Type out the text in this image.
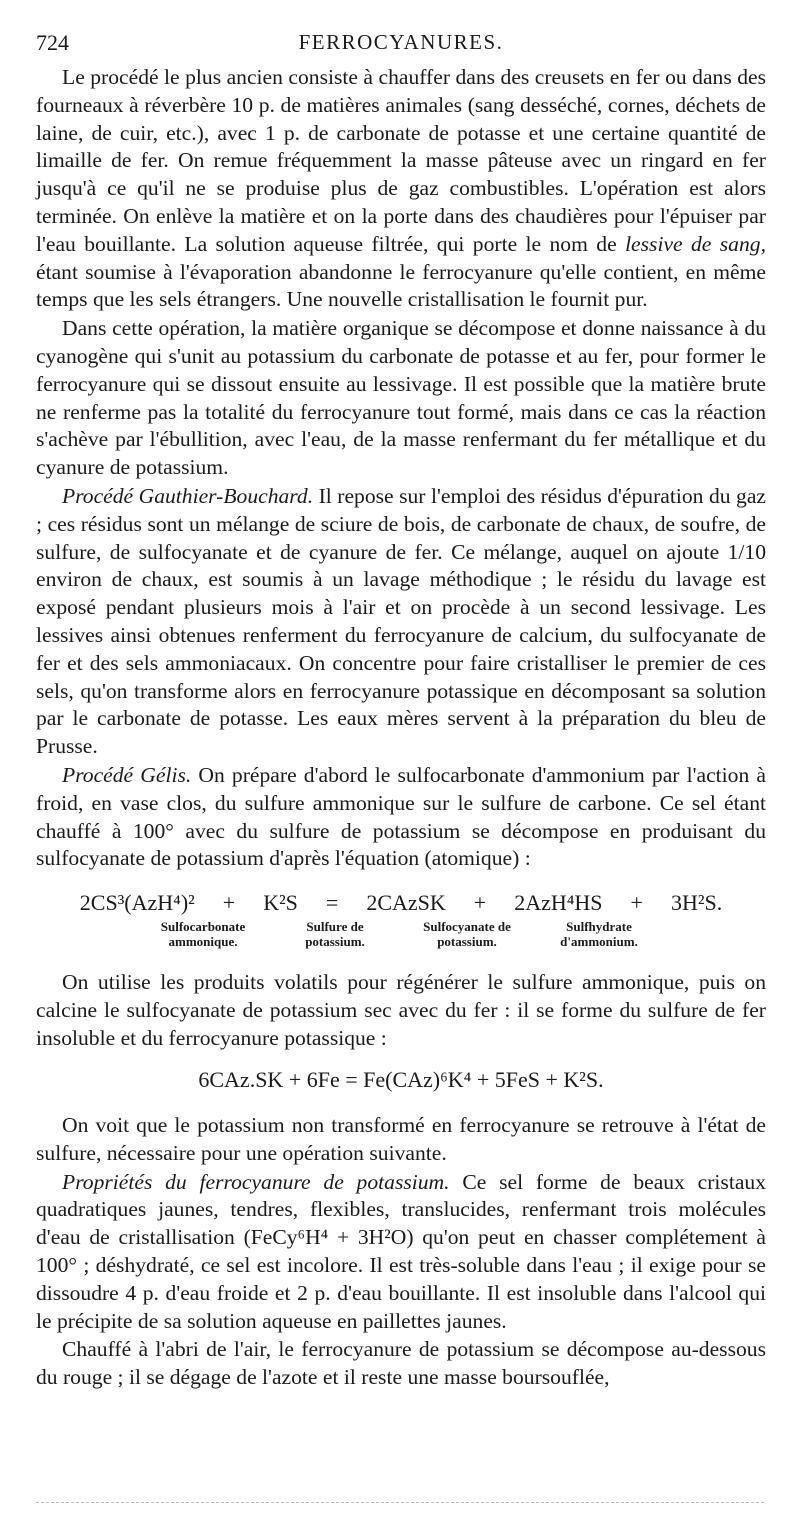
724	FERROCYANURES.

Le procédé le plus ancien consiste à chauffer dans des creusets en fer ou dans des fourneaux à réverbère 10 p. de matières animales (sang desséché, cornes, déchets de laine, de cuir, etc.), avec 1 p. de carbonate de potasse et une certaine quantité de limaille de fer. On remue fréquemment la masse pâteuse avec un ringard en fer jusqu'à ce qu'il ne se produise plus de gaz combustibles. L'opération est alors terminée. On enlève la matière et on la porte dans des chaudières pour l'épuiser par l'eau bouillante. La solution aqueuse filtrée, qui porte le nom de lessive de sang, étant soumise à l'évaporation abandonne le ferrocyanure qu'elle contient, en même temps que les sels étrangers. Une nouvelle cristallisation le fournit pur.

Dans cette opération, la matière organique se décompose et donne naissance à du cyanogène qui s'unit au potassium du carbonate de potasse et au fer, pour former le ferrocyanure qui se dissout ensuite au lessivage. Il est possible que la matière brute ne renferme pas la totalité du ferrocyanure tout formé, mais dans ce cas la réaction s'achève par l'ébullition, avec l'eau, de la masse renfermant du fer métallique et du cyanure de potassium.

Procédé Gauthier-Bouchard. Il repose sur l'emploi des résidus d'épuration du gaz ; ces résidus sont un mélange de sciure de bois, de carbonate de chaux, de soufre, de sulfure, de sulfocyanate et de cyanure de fer. Ce mélange, auquel on ajoute 1/10 environ de chaux, est soumis à un lavage méthodique ; le résidu du lavage est exposé pendant plusieurs mois à l'air et on procède à un second lessivage. Les lessives ainsi obtenues renferment du ferrocyanure de calcium, du sulfocyanate de fer et des sels ammoniacaux. On concentre pour faire cristalliser le premier de ces sels, qu'on transforme alors en ferrocyanure potassique en décomposant sa solution par le carbonate de potasse. Les eaux mères servent à la préparation du bleu de Prusse.

Procédé Gélis. On prépare d'abord le sulfocarbonate d'ammonium par l'action à froid, en vase clos, du sulfure ammonique sur le sulfure de carbone. Ce sel étant chauffé à 100° avec du sulfure de potassium se décompose en produisant du sulfocyanate de potassium d'après l'équation (atomique) :

2CS³(AzH⁴)² + K²S = 2CAzSK + 2AzH⁴HS + 3H²S.
Sulfocarbonate ammonique.
Sulfure de potassium.
Sulfocyanate de potassium.
Sulfhydrate d'ammonium.

On utilise les produits volatils pour régénérer le sulfure ammonique, puis on calcine le sulfocyanate de potassium sec avec du fer : il se forme du sulfure de fer insoluble et du ferrocyanure potassique :

6CAz.SK + 6Fe = Fe(CAz)⁶K⁴ + 5FeS + K²S.

On voit que le potassium non transformé en ferrocyanure se retrouve à l'état de sulfure, nécessaire pour une opération suivante.

Propriétés du ferrocyanure de potassium. Ce sel forme de beaux cristaux quadratiques jaunes, tendres, flexibles, translucides, renfermant trois molécules d'eau de cristallisation (FeCy⁶H⁴ + 3H²O) qu'on peut en chasser complétement à 100° ; déshydraté, ce sel est incolore. Il est très-soluble dans l'eau ; il exige pour se dissoudre 4 p. d'eau froide et 2 p. d'eau bouillante. Il est insoluble dans l'alcool qui le précipite de sa solution aqueuse en paillettes jaunes.

Chauffé à l'abri de l'air, le ferrocyanure de potassium se décompose au-dessous du rouge ; il se dégage de l'azote et il reste une masse boursouflée,
